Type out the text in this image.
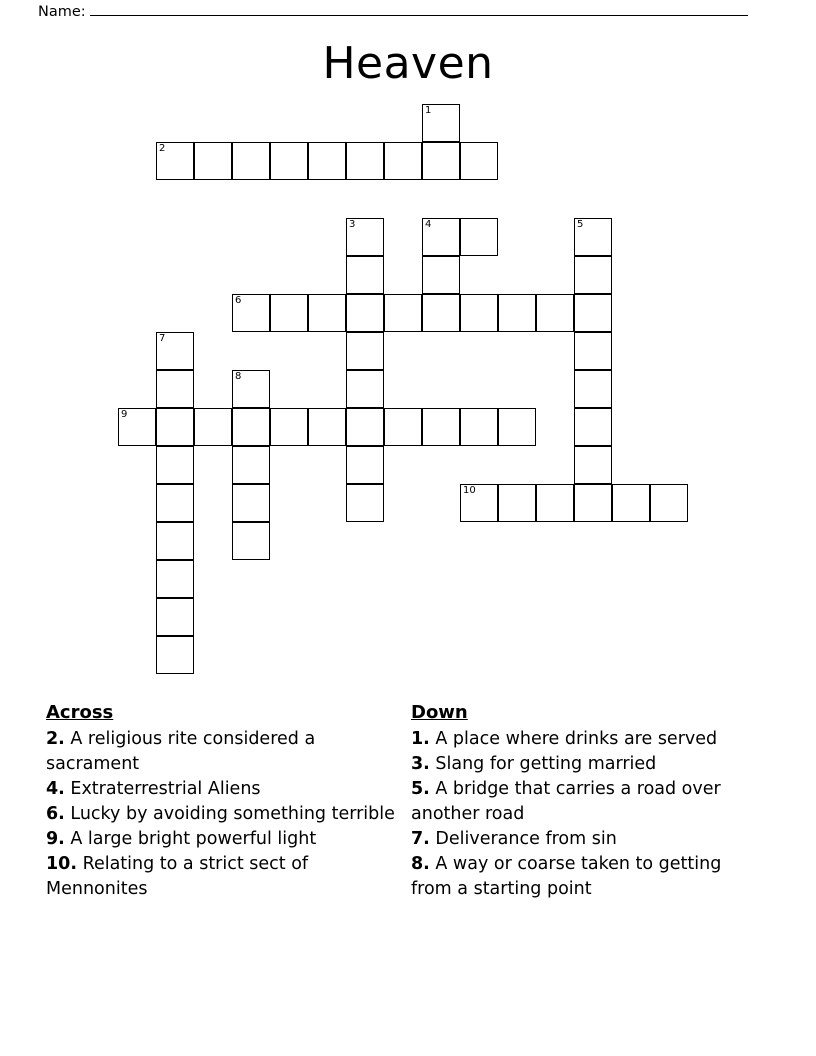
Name:
Heaven
1
2
3	4	5
6
7
8
9
10
Across
2. A religious rite considered a sacrament
4. Extraterrestrial Aliens
6. Lucky by avoiding something terrible
9. A large bright powerful light
10. Relating to a strict sect of Mennonites
Down
1. A place where drinks are served
3. Slang for getting married
5. A bridge that carries a road over another road
7. Deliverance from sin
8. A way or coarse taken to getting from a starting point
